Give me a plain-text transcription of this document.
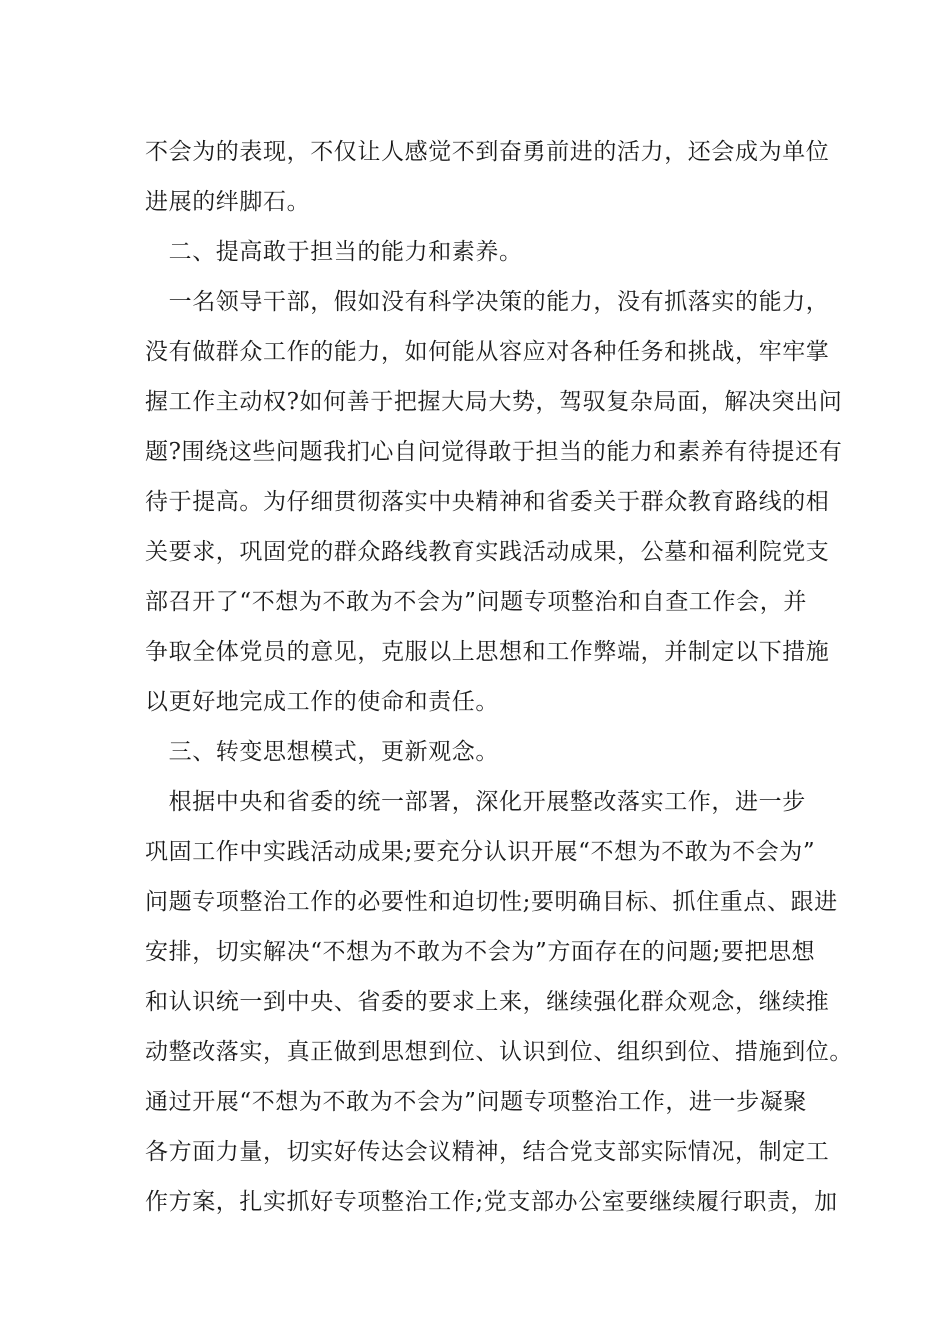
不会为的表现，不仅让人感觉不到奋勇前进的活力，还会成为单位
进展的绊脚石。
　二、提高敢于担当的能力和素养。
　一名领导干部，假如没有科学决策的能力，没有抓落实的能力，
没有做群众工作的能力，如何能从容应对各种任务和挑战，牢牢掌
握工作主动权?如何善于把握大局大势，驾驭复杂局面，解决突出问
题?围绕这些问题我扪心自问觉得敢于担当的能力和素养有待提还有
待于提高。为仔细贯彻落实中央精神和省委关于群众教育路线的相
关要求，巩固党的群众路线教育实践活动成果，公墓和福利院党支
部召开了“不想为不敢为不会为”问题专项整治和自查工作会，并
争取全体党员的意见，克服以上思想和工作弊端，并制定以下措施
以更好地完成工作的使命和责任。
　三、转变思想模式，更新观念。
　根据中央和省委的统一部署，深化开展整改落实工作，进一步
巩固工作中实践活动成果;要充分认识开展“不想为不敢为不会为”
问题专项整治工作的必要性和迫切性;要明确目标、抓住重点、跟进
安排，切实解决“不想为不敢为不会为”方面存在的问题;要把思想
和认识统一到中央、省委的要求上来，继续强化群众观念，继续推
动整改落实，真正做到思想到位、认识到位、组织到位、措施到位。
通过开展“不想为不敢为不会为”问题专项整治工作，进一步凝聚
各方面力量，切实好传达会议精神，结合党支部实际情况，制定工
作方案，扎实抓好专项整治工作;党支部办公室要继续履行职责，加
